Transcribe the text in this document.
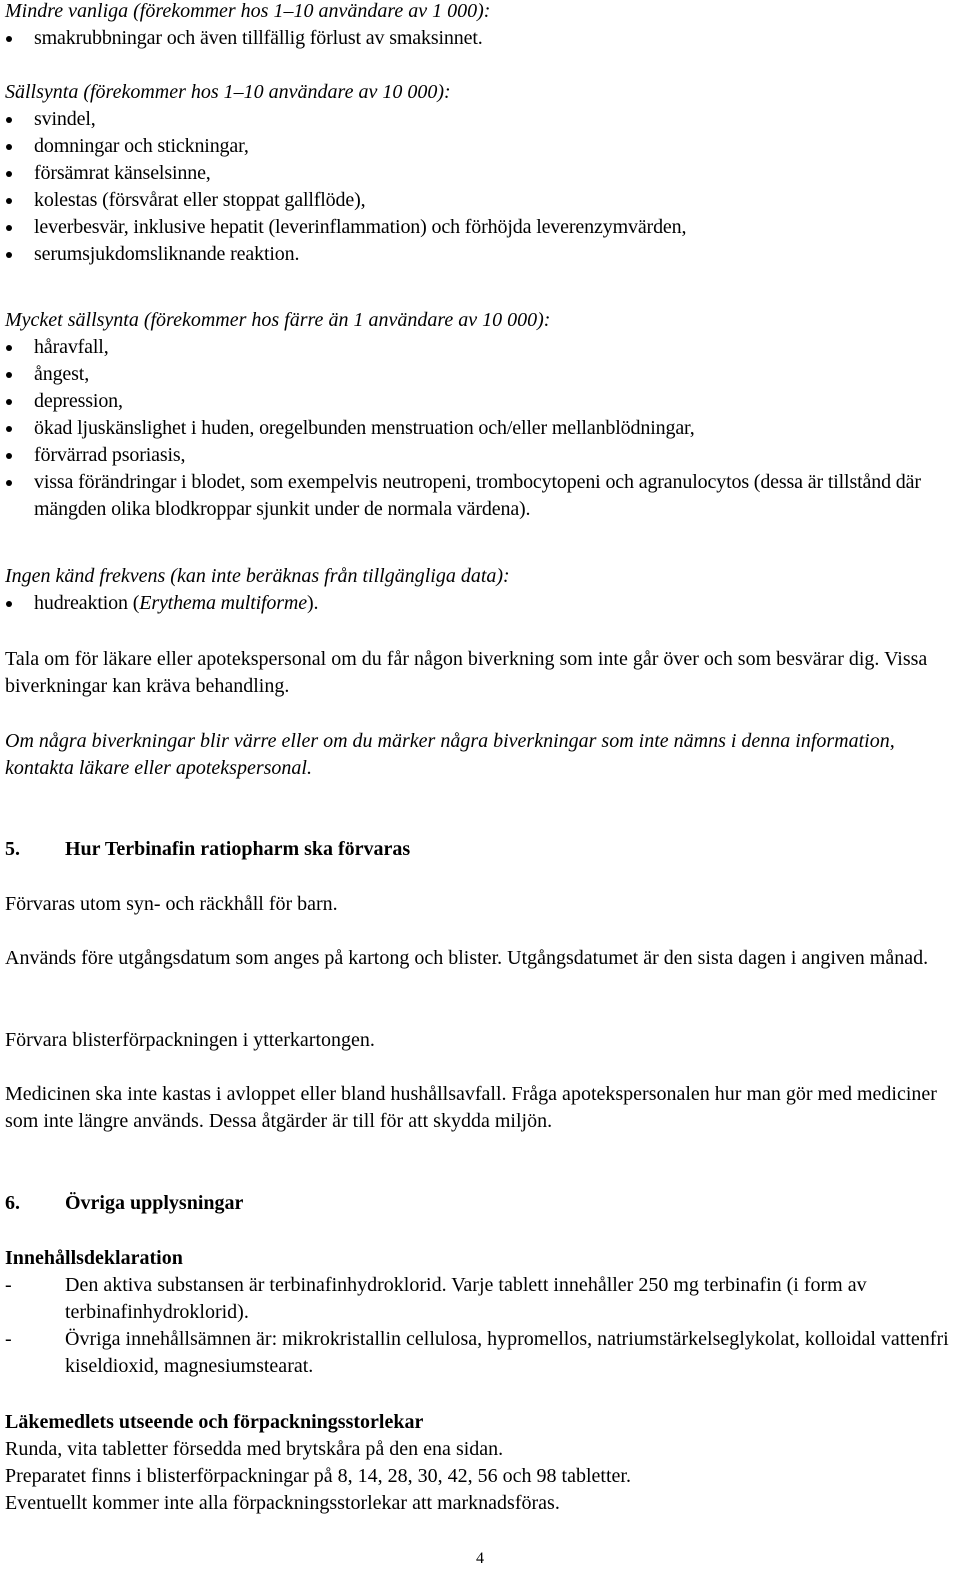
Mindre vanliga (förekommer hos 1–10 användare av 1 000):

smakrubbningar och även tillfällig förlust av smaksinnet.

Sällsynta (förekommer hos 1–10 användare av 10 000):

svindel,
domningar och stickningar,
försämrat känselsinne,
kolestas (försvårat eller stoppat gallflöde),
leverbesvär, inklusive hepatit (leverinflammation) och förhöjda leverenzymvärden,
serumsjukdomsliknande reaktion.

Mycket sällsynta (förekommer hos färre än 1 användare av 10 000):

håravfall,
ångest,
depression,
ökad ljuskänslighet i huden, oregelbunden menstruation och/eller mellanblödningar,
förvärrad psoriasis,
vissa förändringar i blodet, som exempelvis neutropeni, trombocytopeni och agranulocytos (dessa är tillstånd där mängden olika blodkroppar sjunkit under de normala värdena).

Ingen känd frekvens (kan inte beräknas från tillgängliga data):

hudreaktion (Erythema multiforme).

Tala om för läkare eller apotekspersonal om du får någon biverkning som inte går över och som besvärar dig. Vissa biverkningar kan kräva behandling.

Om några biverkningar blir värre eller om du märker några biverkningar som inte nämns i denna information, kontakta läkare eller apotekspersonal.

5.	Hur Terbinafin ratiopharm ska förvaras

Förvaras utom syn- och räckhåll för barn.

Används före utgångsdatum som anges på kartong och blister. Utgångsdatumet är den sista dagen i angiven månad.

Förvara blisterförpackningen i ytterkartongen.

Medicinen ska inte kastas i avloppet eller bland hushållsavfall. Fråga apotekspersonalen hur man gör med mediciner som inte längre används. Dessa åtgärder är till för att skydda miljön.

6.	Övriga upplysningar

Innehållsdeklaration

-	Den aktiva substansen är terbinafinhydroklorid. Varje tablett innehåller 250 mg terbinafin (i form av terbinafinhydroklorid).
-	Övriga innehållsämnen är: mikrokristallin cellulosa, hypromellos, natriumstärkelseglykolat, kolloidal vattenfri kiseldioxid, magnesiumstearat.

Läkemedlets utseende och förpackningsstorlekar

Runda, vita tabletter försedda med brytskåra på den ena sidan.

Preparatet finns i blisterförpackningar på 8, 14, 28, 30, 42, 56 och 98 tabletter.

Eventuellt kommer inte alla förpackningsstorlekar att marknadsföras.

4
